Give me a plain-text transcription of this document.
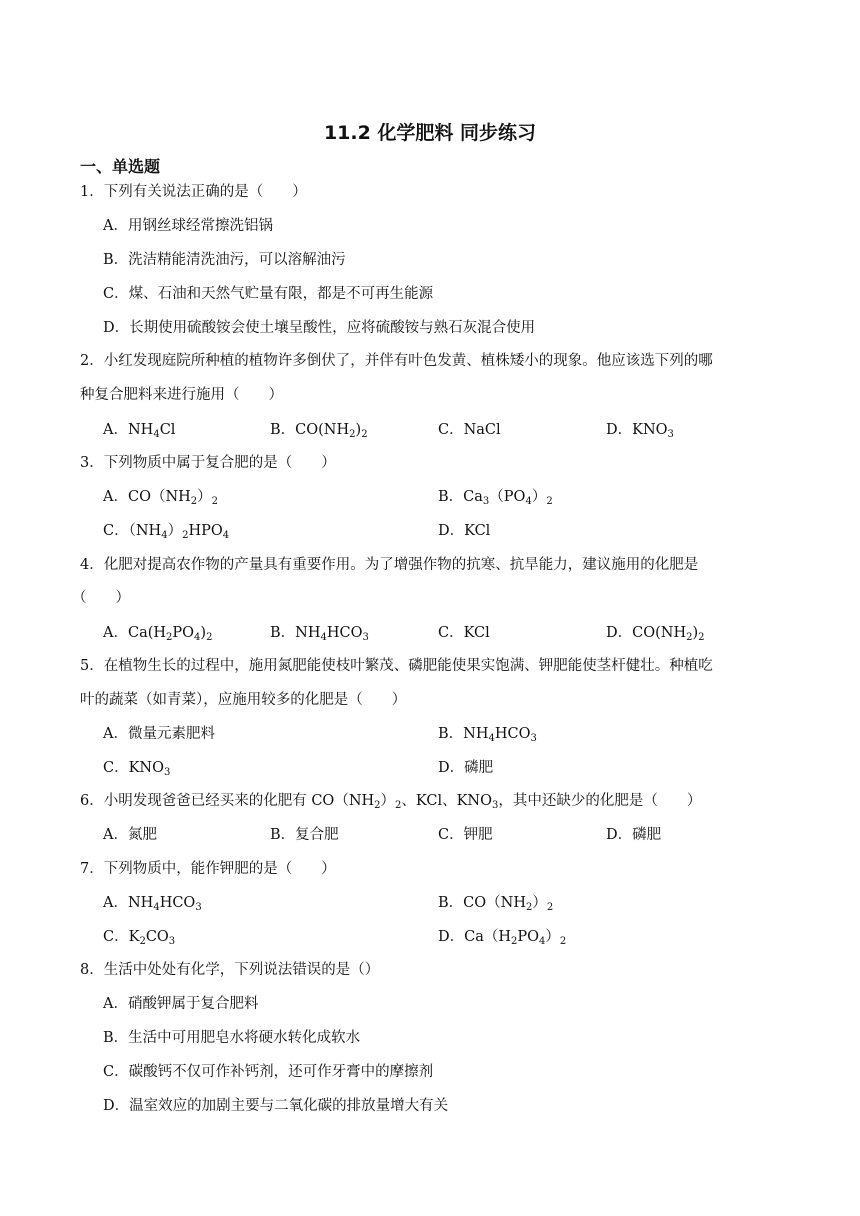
11.2 化学肥料 同步练习
一、单选题
1．下列有关说法正确的是（　　）
A．用钢丝球经常擦洗铝锅
B．洗洁精能清洗油污，可以溶解油污
C．煤、石油和天然气贮量有限，都是不可再生能源
D．长期使用硫酸铵会使土壤呈酸性，应将硫酸铵与熟石灰混合使用
2．小红发现庭院所种植的植物许多倒伏了，并伴有叶色发黄、植株矮小的现象。他应该选下列的哪
种复合肥料来进行施用（　　）
A．$NH_4Cl$	B．$CO(NH_2)_2$	C．NaCl	D．$KNO_3$
3．下列物质中属于复合肥的是（　　）
A．$CO(NH_2)_2$	B．$Ca_3(PO_4)_2$
C．$(NH_4)_2HPO_4$	D．KCl
4．化肥对提高农作物的产量具有重要作用。为了增强作物的抗寒、抗旱能力，建议施用的化肥是
（　　）
A．$Ca(H_2PO_4)_2$	B．$NH_4HCO_3$	C．KCl	D．$CO(NH_2)_2$
5．在植物生长的过程中，施用氮肥能使枝叶繁茂、磷肥能使果实饱满、钾肥能使茎杆健壮。种植吃
叶的蔬菜（如青菜），应施用较多的化肥是（　　）
A．微量元素肥料	B．$NH_4HCO_3$
C．$KNO_3$	D．磷肥
6．小明发现爸爸已经买来的化肥有 $CO(NH_2)_2$、KCl、$KNO_3$，其中还缺少的化肥是（　　）
A．氮肥	B．复合肥	C．钾肥	D．磷肥
7．下列物质中，能作钾肥的是（　　）
A．$NH_4HCO_3$	B．$CO(NH_2)_2$
C．$K_2CO_3$	D．$Ca(H_2PO_4)_2$
8．生活中处处有化学，下列说法错误的是（）
A．硝酸钾属于复合肥料
B．生活中可用肥皂水将硬水转化成软水
C．碳酸钙不仅可作补钙剂，还可作牙膏中的摩擦剂
D．温室效应的加剧主要与二氧化碳的排放量增大有关
